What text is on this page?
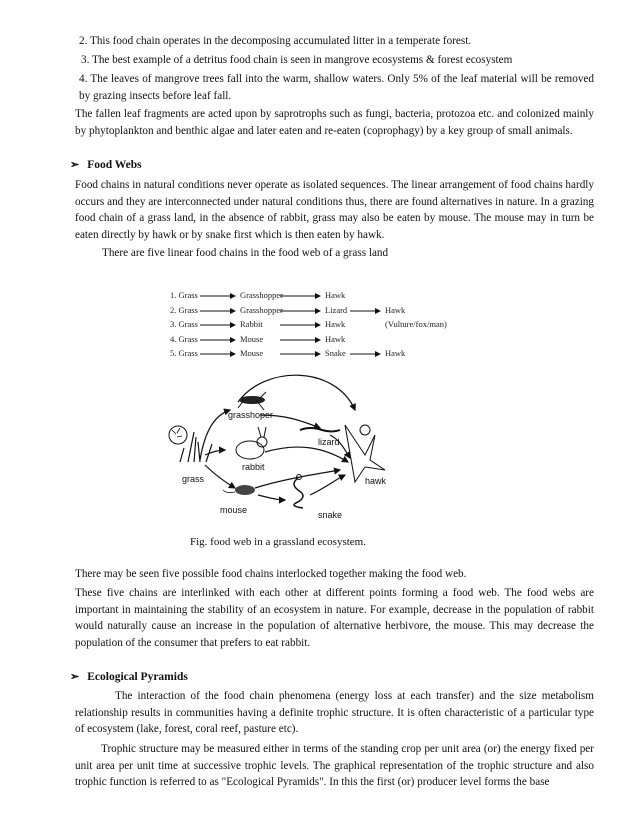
2. This food chain operates in the decomposing accumulated litter in a temperate forest.
3. The best example of a detritus food chain is seen in mangrove ecosystems & forest ecosystem
4. The leaves of mangrove trees fall into the warm, shallow waters. Only 5% of the leaf material will be removed by grazing insects before leaf fall.
The fallen leaf fragments are acted upon by saprotrophs such as fungi, bacteria, protozoa etc. and colonized mainly by phytoplankton and benthic algae and later eaten and re-eaten (coprophagy) by a key group of small animals.
➢ Food Webs
Food chains in natural conditions never operate as isolated sequences. The linear arrangement of food chains hardly occurs and they are interconnected under natural conditions thus, there are found alternatives in nature. In a grazing food chain of a grass land, in the absence of rabbit, grass may also be eaten by mouse. The mouse may in turn be eaten directly by hawk or by snake first which is then eaten by hawk.
There are five linear food chains in the food web of a grass land
1. Grass	Grasshopper	Hawk
2. Grass	Grasshopper	Lizard	Hawk
3. Grass	Rabbit	Hawk	(Vulture/fox/man)
4. Grass	Mouse	Hawk
5. Grass	Mouse	Snake	Hawk
grasshoper
lizard
rabbit
grass	hawk
mouse	snake
Fig. food web in a grassland ecosystem.
There may be seen five possible food chains interlocked together making the food web.
These five chains are interlinked with each other at different points forming a food web. The food webs are important in maintaining the stability of an ecosystem in nature. For example, decrease in the population of rabbit would naturally cause an increase in the population of alternative herbivore, the mouse. This may decrease the population of the consumer that prefers to eat rabbit.
➢ Ecological Pyramids
The interaction of the food chain phenomena (energy loss at each transfer) and the size metabolism relationship results in communities having a definite trophic structure. It is often characteristic of a particular type of ecosystem (lake, forest, coral reef, pasture etc).
Trophic structure may be measured either in terms of the standing crop per unit area (or) the energy fixed per unit area per unit time at successive trophic levels. The graphical representation of the trophic structure and also trophic function is referred to as "Ecological Pyramids". In this the first (or) producer level forms the base
